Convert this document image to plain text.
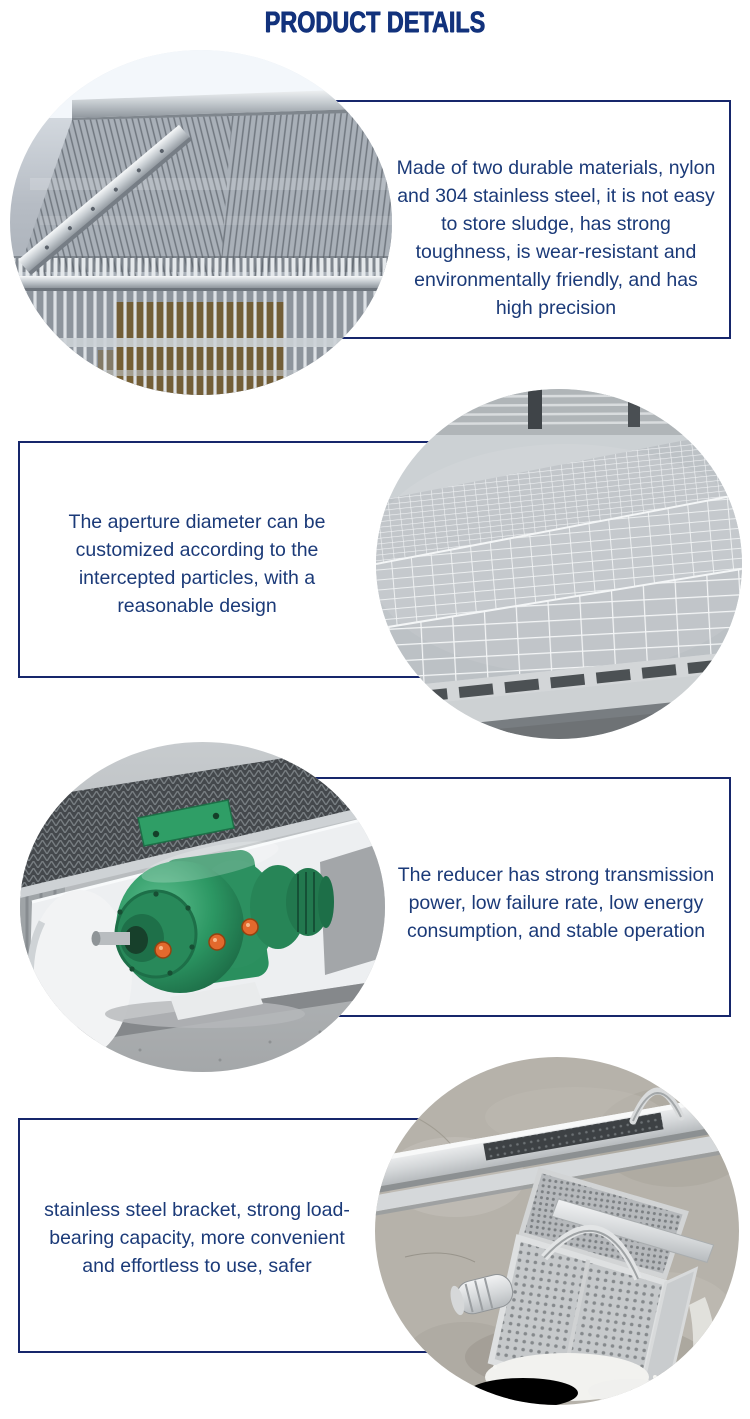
PRODUCT DETAILS
Made of two durable materials, nylon
and 304 stainless steel, it is not easy
to store sludge, has strong
toughness, is wear-resistant and
environmentally friendly, and has
high precision
The aperture diameter can be
customized according to the
intercepted particles, with a
reasonable design
The reducer has strong transmission
power, low failure rate, low energy
consumption, and stable operation
stainless steel bracket, strong load-
bearing capacity, more convenient
and effortless to use, safer
